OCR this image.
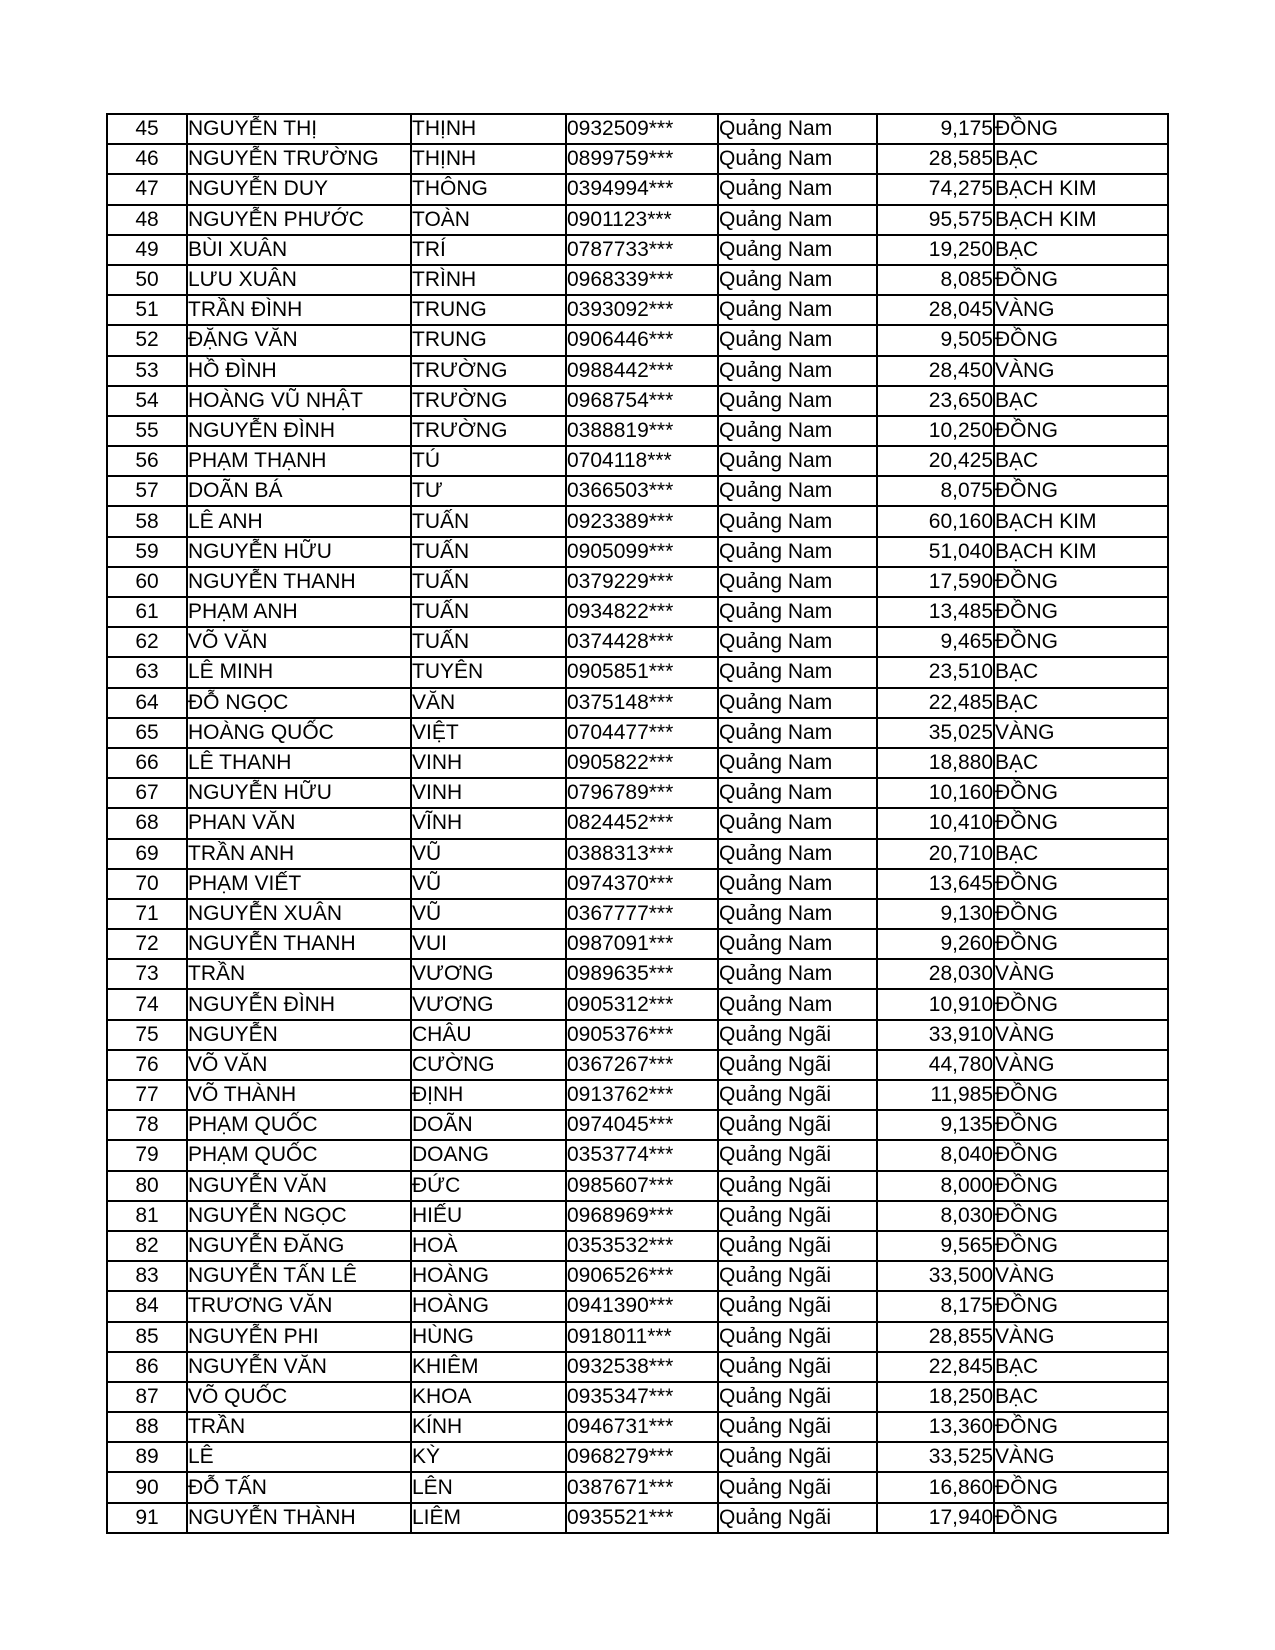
45	NGUYỄN THỊ	THỊNH	0932509***	Quảng Nam	9,175	ĐỒNG
46	NGUYỄN TRƯỜNG	THỊNH	0899759***	Quảng Nam	28,585	BẠC
47	NGUYỄN DUY	THÔNG	0394994***	Quảng Nam	74,275	BẠCH KIM
48	NGUYỄN PHƯỚC	TOÀN	0901123***	Quảng Nam	95,575	BẠCH KIM
49	BÙI XUÂN	TRÍ	0787733***	Quảng Nam	19,250	BẠC
50	LƯU XUÂN	TRÌNH	0968339***	Quảng Nam	8,085	ĐỒNG
51	TRẦN ĐÌNH	TRUNG	0393092***	Quảng Nam	28,045	VÀNG
52	ĐẶNG VĂN	TRUNG	0906446***	Quảng Nam	9,505	ĐỒNG
53	HỒ ĐÌNH	TRƯỜNG	0988442***	Quảng Nam	28,450	VÀNG
54	HOÀNG VŨ NHẬT	TRƯỜNG	0968754***	Quảng Nam	23,650	BẠC
55	NGUYỄN ĐÌNH	TRƯỜNG	0388819***	Quảng Nam	10,250	ĐỒNG
56	PHẠM THẠNH	TÚ	0704118***	Quảng Nam	20,425	BẠC
57	DOÃN BÁ	TƯ	0366503***	Quảng Nam	8,075	ĐỒNG
58	LÊ ANH	TUẤN	0923389***	Quảng Nam	60,160	BẠCH KIM
59	NGUYỄN HỮU	TUẤN	0905099***	Quảng Nam	51,040	BẠCH KIM
60	NGUYỄN THANH	TUẤN	0379229***	Quảng Nam	17,590	ĐỒNG
61	PHẠM ANH	TUẤN	0934822***	Quảng Nam	13,485	ĐỒNG
62	VÕ VĂN	TUẤN	0374428***	Quảng Nam	9,465	ĐỒNG
63	LÊ MINH	TUYÊN	0905851***	Quảng Nam	23,510	BẠC
64	ĐỖ NGỌC	VĂN	0375148***	Quảng Nam	22,485	BẠC
65	HOÀNG QUỐC	VIỆT	0704477***	Quảng Nam	35,025	VÀNG
66	LÊ THANH	VINH	0905822***	Quảng Nam	18,880	BẠC
67	NGUYỄN HỮU	VINH	0796789***	Quảng Nam	10,160	ĐỒNG
68	PHAN VĂN	VĨNH	0824452***	Quảng Nam	10,410	ĐỒNG
69	TRẦN ANH	VŨ	0388313***	Quảng Nam	20,710	BẠC
70	PHẠM VIẾT	VŨ	0974370***	Quảng Nam	13,645	ĐỒNG
71	NGUYỄN XUÂN	VŨ	0367777***	Quảng Nam	9,130	ĐỒNG
72	NGUYỄN THANH	VUI	0987091***	Quảng Nam	9,260	ĐỒNG
73	TRẦN	VƯƠNG	0989635***	Quảng Nam	28,030	VÀNG
74	NGUYỄN ĐÌNH	VƯƠNG	0905312***	Quảng Nam	10,910	ĐỒNG
75	NGUYỄN	CHÂU	0905376***	Quảng Ngãi	33,910	VÀNG
76	VÕ VĂN	CƯỜNG	0367267***	Quảng Ngãi	44,780	VÀNG
77	VÕ THÀNH	ĐỊNH	0913762***	Quảng Ngãi	11,985	ĐỒNG
78	PHẠM QUỐC	DOÃN	0974045***	Quảng Ngãi	9,135	ĐỒNG
79	PHẠM QUỐC	DOANG	0353774***	Quảng Ngãi	8,040	ĐỒNG
80	NGUYỄN VĂN	ĐỨC	0985607***	Quảng Ngãi	8,000	ĐỒNG
81	NGUYỄN NGỌC	HIẾU	0968969***	Quảng Ngãi	8,030	ĐỒNG
82	NGUYỄN ĐĂNG	HOÀ	0353532***	Quảng Ngãi	9,565	ĐỒNG
83	NGUYỄN TẤN LÊ	HOÀNG	0906526***	Quảng Ngãi	33,500	VÀNG
84	TRƯƠNG VĂN	HOÀNG	0941390***	Quảng Ngãi	8,175	ĐỒNG
85	NGUYỄN PHI	HÙNG	0918011***	Quảng Ngãi	28,855	VÀNG
86	NGUYỄN VĂN	KHIÊM	0932538***	Quảng Ngãi	22,845	BẠC
87	VÕ QUỐC	KHOA	0935347***	Quảng Ngãi	18,250	BẠC
88	TRẦN	KÍNH	0946731***	Quảng Ngãi	13,360	ĐỒNG
89	LÊ	KỲ	0968279***	Quảng Ngãi	33,525	VÀNG
90	ĐỖ TẤN	LÊN	0387671***	Quảng Ngãi	16,860	ĐỒNG
91	NGUYỄN THÀNH	LIÊM	0935521***	Quảng Ngãi	17,940	ĐỒNG
